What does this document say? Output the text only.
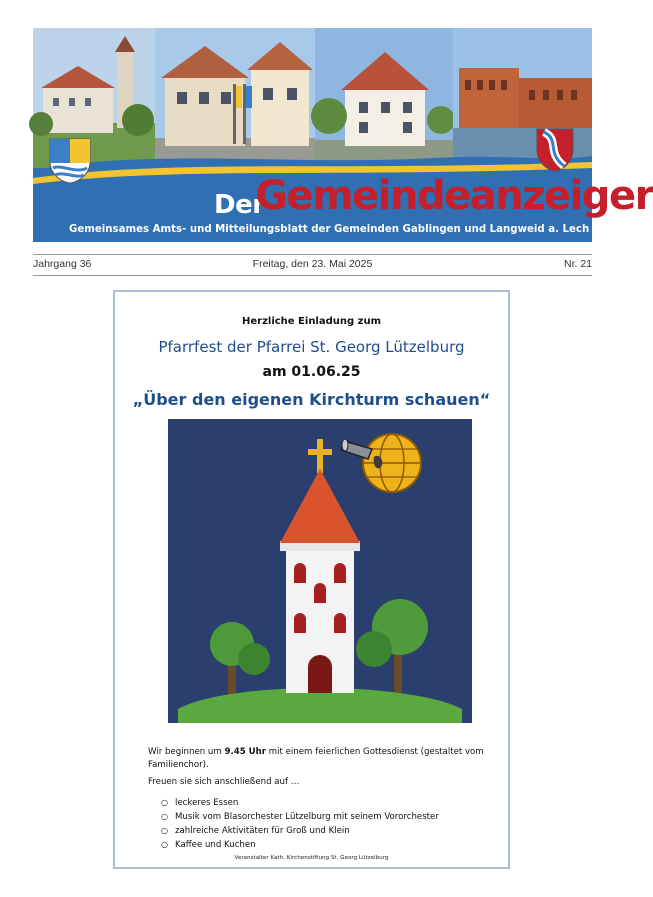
Der
Gemeindeanzeiger
Gemeinsames Amts- und Mitteilungsblatt der Gemeinden Gablingen und Langweid a. Lech
Jahrgang 36	Freitag, den 23. Mai 2025	Nr. 21
Herzliche Einladung zum
Pfarrfest der Pfarrei St. Georg Lützelburg
am 01.06.25
„Über den eigenen Kirchturm schauen“
Wir beginnen um 9.45 Uhr mit einem feierlichen Gottesdienst (gestaltet vom Familienchor).
Freuen sie sich anschließend auf …
○ leckeres Essen
○ Musik vom Blasorchester Lützelburg mit seinem Vororchester
○ zahlreiche Aktivitäten für Groß und Klein
○ Kaffee und Kuchen
Veranstalter Kath. Kirchenstiftung St. Georg Lützelburg
